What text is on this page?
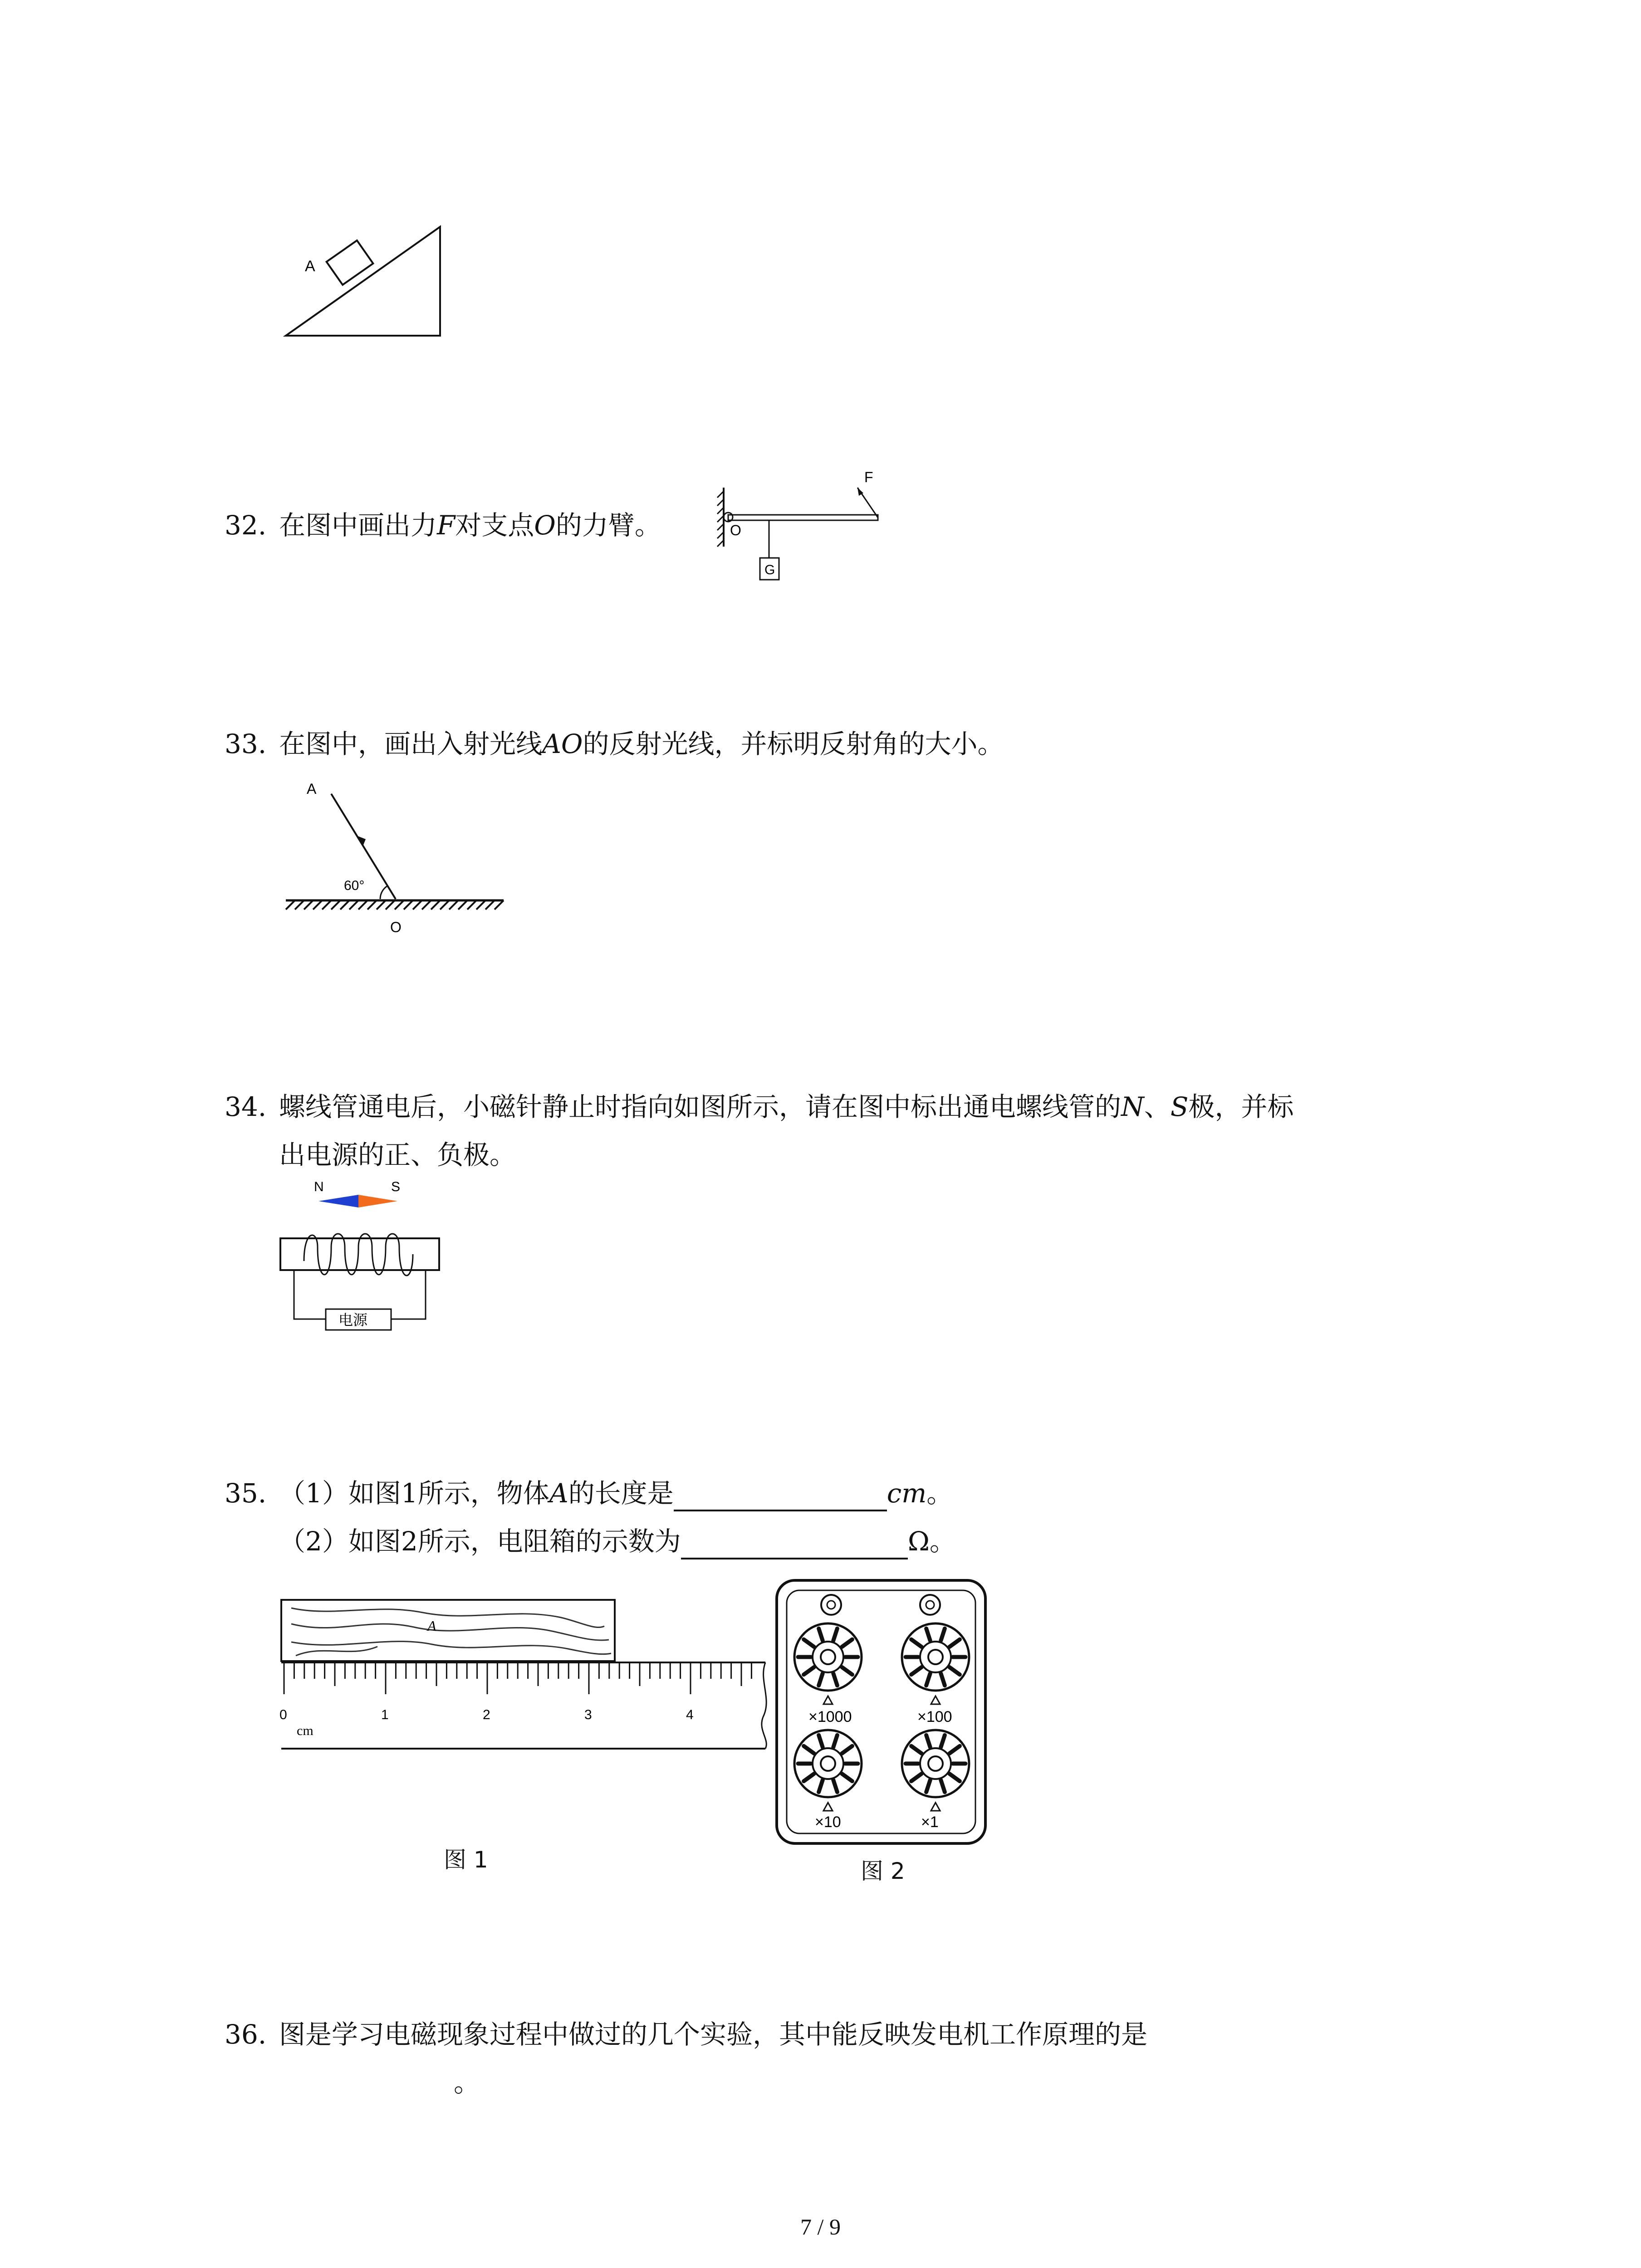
A
32. 在图中画出力F对支点O的力臂。
F
O
G
33. 在图中，画出入射光线AO的反射光线，并标明反射角的大小。
A
60°
O
34. 螺线管通电后，小磁针静止时指向如图所示，请在图中标出通电螺线管的N、S极，并标
出电源的正、负极。
N	S
电源
35. （1）如图1所示，物体A的长度是	cm。
（2）如图2所示，电阻箱的示数为	Ω。
A
0	1	2	3	4
cm
图 1
×1000	×100
×10	×1
图 2
36. 图是学习电磁现象过程中做过的几个实验，其中能反映发电机工作原理的是
。
7 / 9
